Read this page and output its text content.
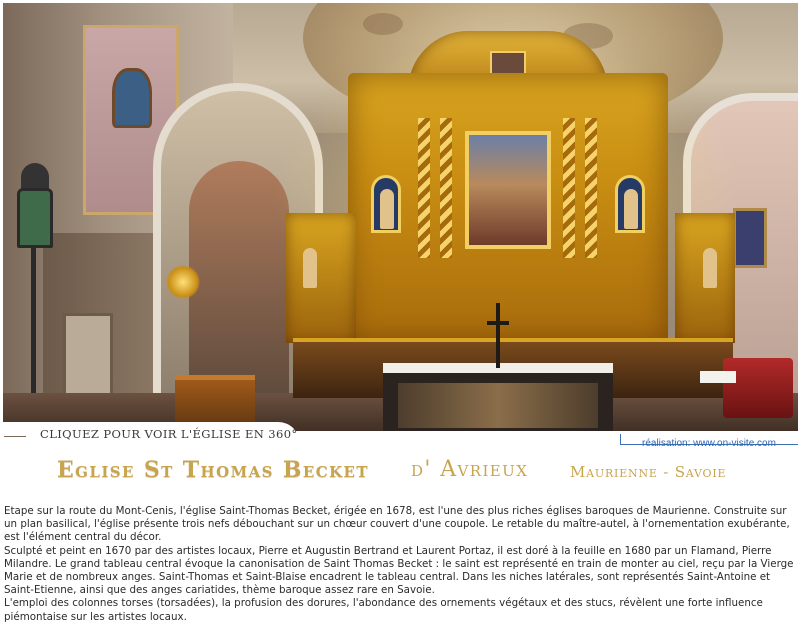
CLIQUEZ POUR VOIR L'ÉGLISE EN 360°
réalisation: www.on-visite.com
Eglise St Thomas Becket d' Avrieux	Maurienne - Savoie

Etape sur la route du Mont-Cenis, l'église Saint-Thomas Becket, érigée en 1678, est l'une des plus riches églises baroques de Maurienne. Construite sur un plan basilical, l'église présente trois nefs débouchant sur un chœur couvert d'une coupole. Le retable du maître-autel, à l'ornementation exubérante, est l'élément central du décor.

Sculpté et peint en 1670 par des artistes locaux, Pierre et Augustin Bertrand et Laurent Portaz, il est doré à la feuille en 1680 par un Flamand, Pierre Milandre. Le grand tableau central évoque la canonisation de Saint Thomas Becket : le saint est représenté en train de monter au ciel, reçu par la Vierge Marie et de nombreux anges. Saint-Thomas et Saint-Blaise encadrent le tableau central. Dans les niches latérales, sont représentés Saint-Antoine et Saint-Etienne, ainsi que des anges cariatides, thème baroque assez rare en Savoie.

L'emploi des colonnes torses (torsadées), la profusion des dorures, l'abondance des ornements végétaux et des stucs, révèlent une forte influence piémontaise sur les artistes locaux.
